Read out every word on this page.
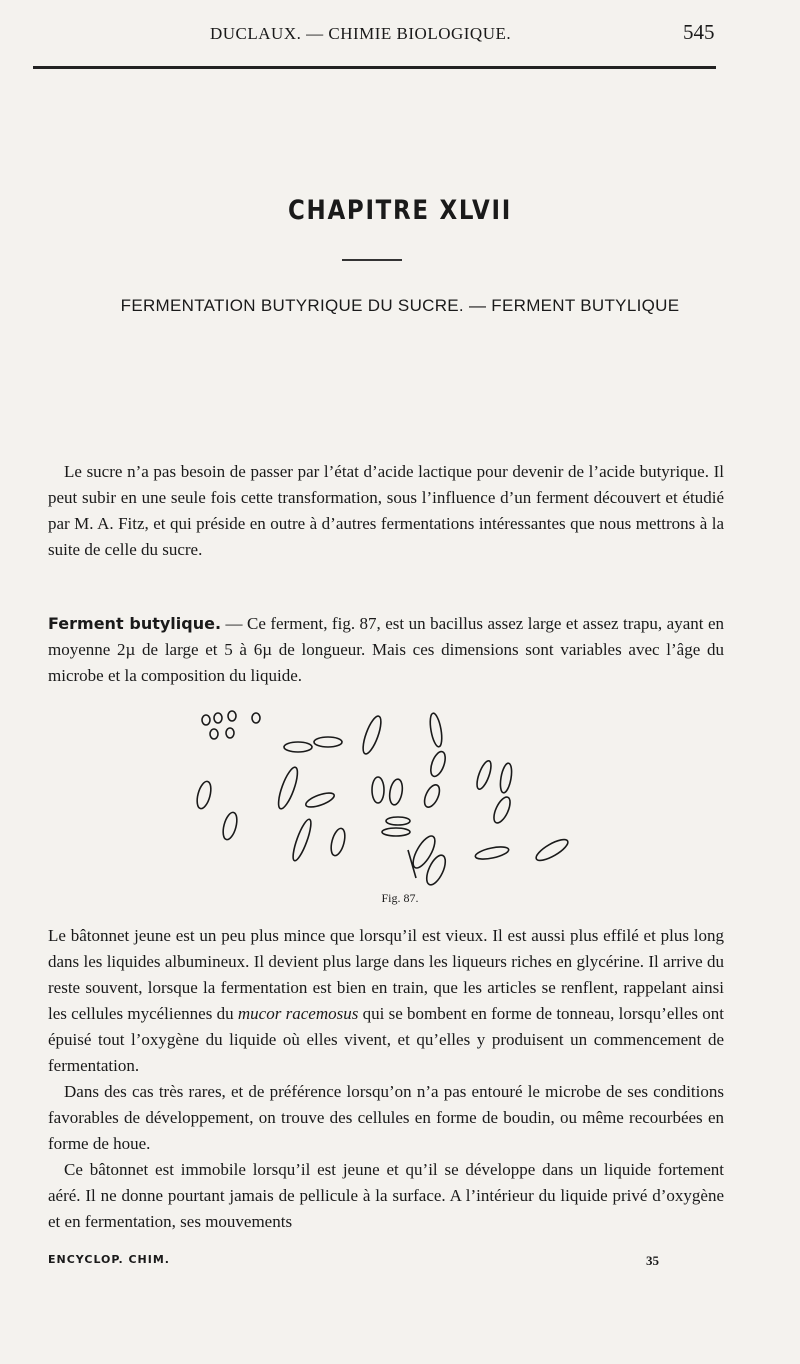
DUCLAUX. — CHIMIE BIOLOGIQUE.	545
CHAPITRE XLVII
FERMENTATION BUTYRIQUE DU SUCRE. — FERMENT BUTYLIQUE

Le sucre n’a pas besoin de passer par l’état d’acide lactique pour devenir de l’acide butyrique. Il peut subir en une seule fois cette transformation, sous l’influence d’un ferment découvert et étudié par M. A. Fitz, et qui préside en outre à d’autres fermentations intéressantes que nous mettrons à la suite de celle du sucre.

Ferment butylique. — Ce ferment, fig. 87, est un bacillus assez large et assez trapu, ayant en moyenne 2µ de large et 5 à 6µ de longueur. Mais ces dimensions sont variables avec l’âge du microbe et la composition du liquide.

Fig. 87.

Le bâtonnet jeune est un peu plus mince que lorsqu’il est vieux. Il est aussi plus effilé et plus long dans les liquides albumineux. Il devient plus large dans les liqueurs riches en glycérine. Il arrive du reste souvent, lorsque la fermentation est bien en train, que les articles se renflent, rappelant ainsi les cellules mycéliennes du mucor racemosus qui se bombent en forme de tonneau, lorsqu’elles ont épuisé tout l’oxygène du liquide où elles vivent, et qu’elles y produisent un commencement de fermentation.

Dans des cas très rares, et de préférence lorsqu’on n’a pas entouré le microbe de ses conditions favorables de développement, on trouve des cellules en forme de boudin, ou même recourbées en forme de houe.

Ce bâtonnet est immobile lorsqu’il est jeune et qu’il se développe dans un liquide fortement aéré. Il ne donne pourtant jamais de pellicule à la surface. A l’intérieur du liquide privé d’oxygène et en fermentation, ses mouvements

ENCYCLOP. CHIM.	35
